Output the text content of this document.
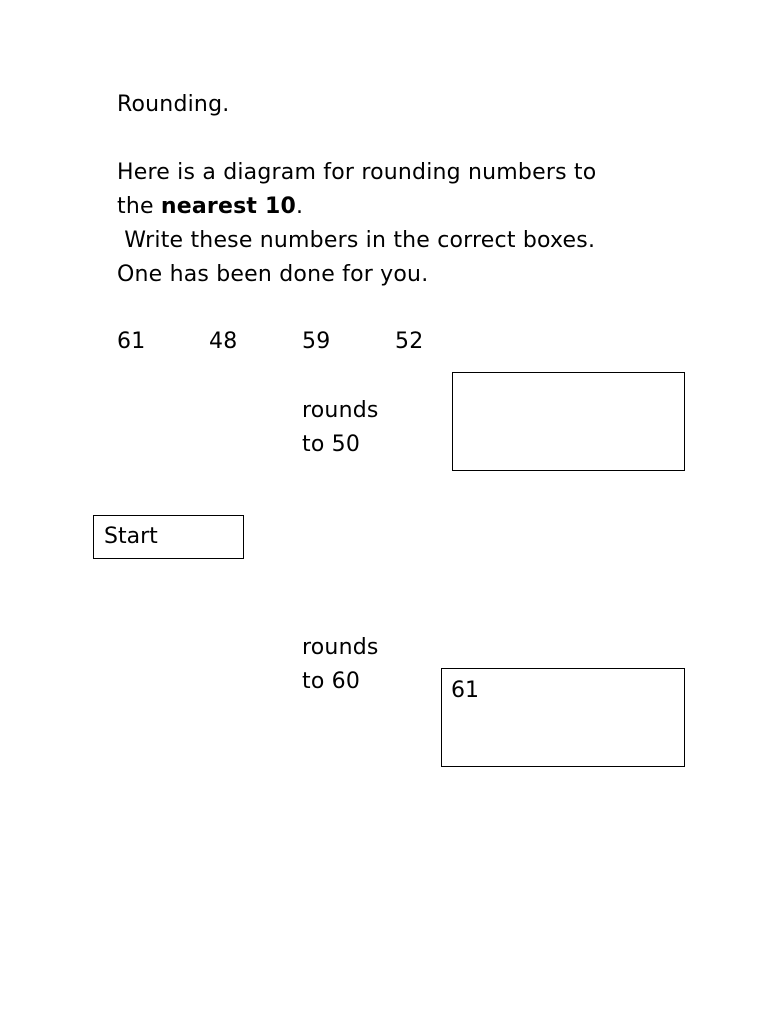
Rounding.
Here is a diagram for rounding numbers to
the nearest 10.
Write these numbers in the correct boxes.
One has been done for you.
61	48	59	52
rounds
to 50
Start
rounds
to 60	61
